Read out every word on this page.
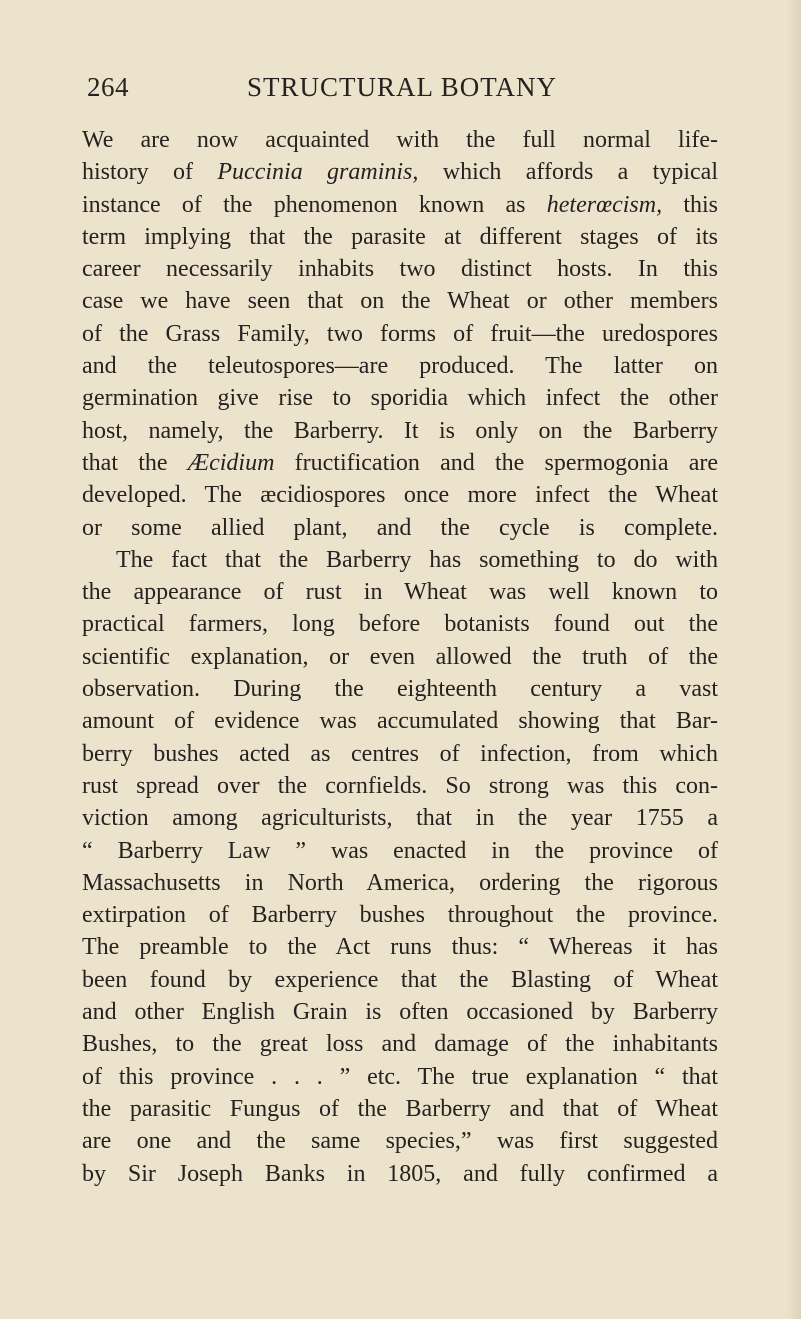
264	STRUCTURAL BOTANY
We are now acquainted with the full normal life-
history of Puccinia graminis, which affords a typical
instance of the phenomenon known as heterœcism, this
term implying that the parasite at different stages of its
career necessarily inhabits two distinct hosts. In this
case we have seen that on the Wheat or other members
of the Grass Family, two forms of fruit—the uredospores
and the teleutospores—are produced. The latter on
germination give rise to sporidia which infect the other
host, namely, the Barberry. It is only on the Barberry
that the Æcidium fructification and the spermogonia are
developed. The æcidiospores once more infect the Wheat
or some allied plant, and the cycle is complete.
The fact that the Barberry has something to do with
the appearance of rust in Wheat was well known to
practical farmers, long before botanists found out the
scientific explanation, or even allowed the truth of the
observation. During the eighteenth century a vast
amount of evidence was accumulated showing that Bar-
berry bushes acted as centres of infection, from which
rust spread over the cornfields. So strong was this con-
viction among agriculturists, that in the year 1755 a
“ Barberry Law ” was enacted in the province of
Massachusetts in North America, ordering the rigorous
extirpation of Barberry bushes throughout the province.
The preamble to the Act runs thus: “ Whereas it has
been found by experience that the Blasting of Wheat
and other English Grain is often occasioned by Barberry
Bushes, to the great loss and damage of the inhabitants
of this province . . . ” etc. The true explanation “ that
the parasitic Fungus of the Barberry and that of Wheat
are one and the same species,” was first suggested
by Sir Joseph Banks in 1805, and fully confirmed a
